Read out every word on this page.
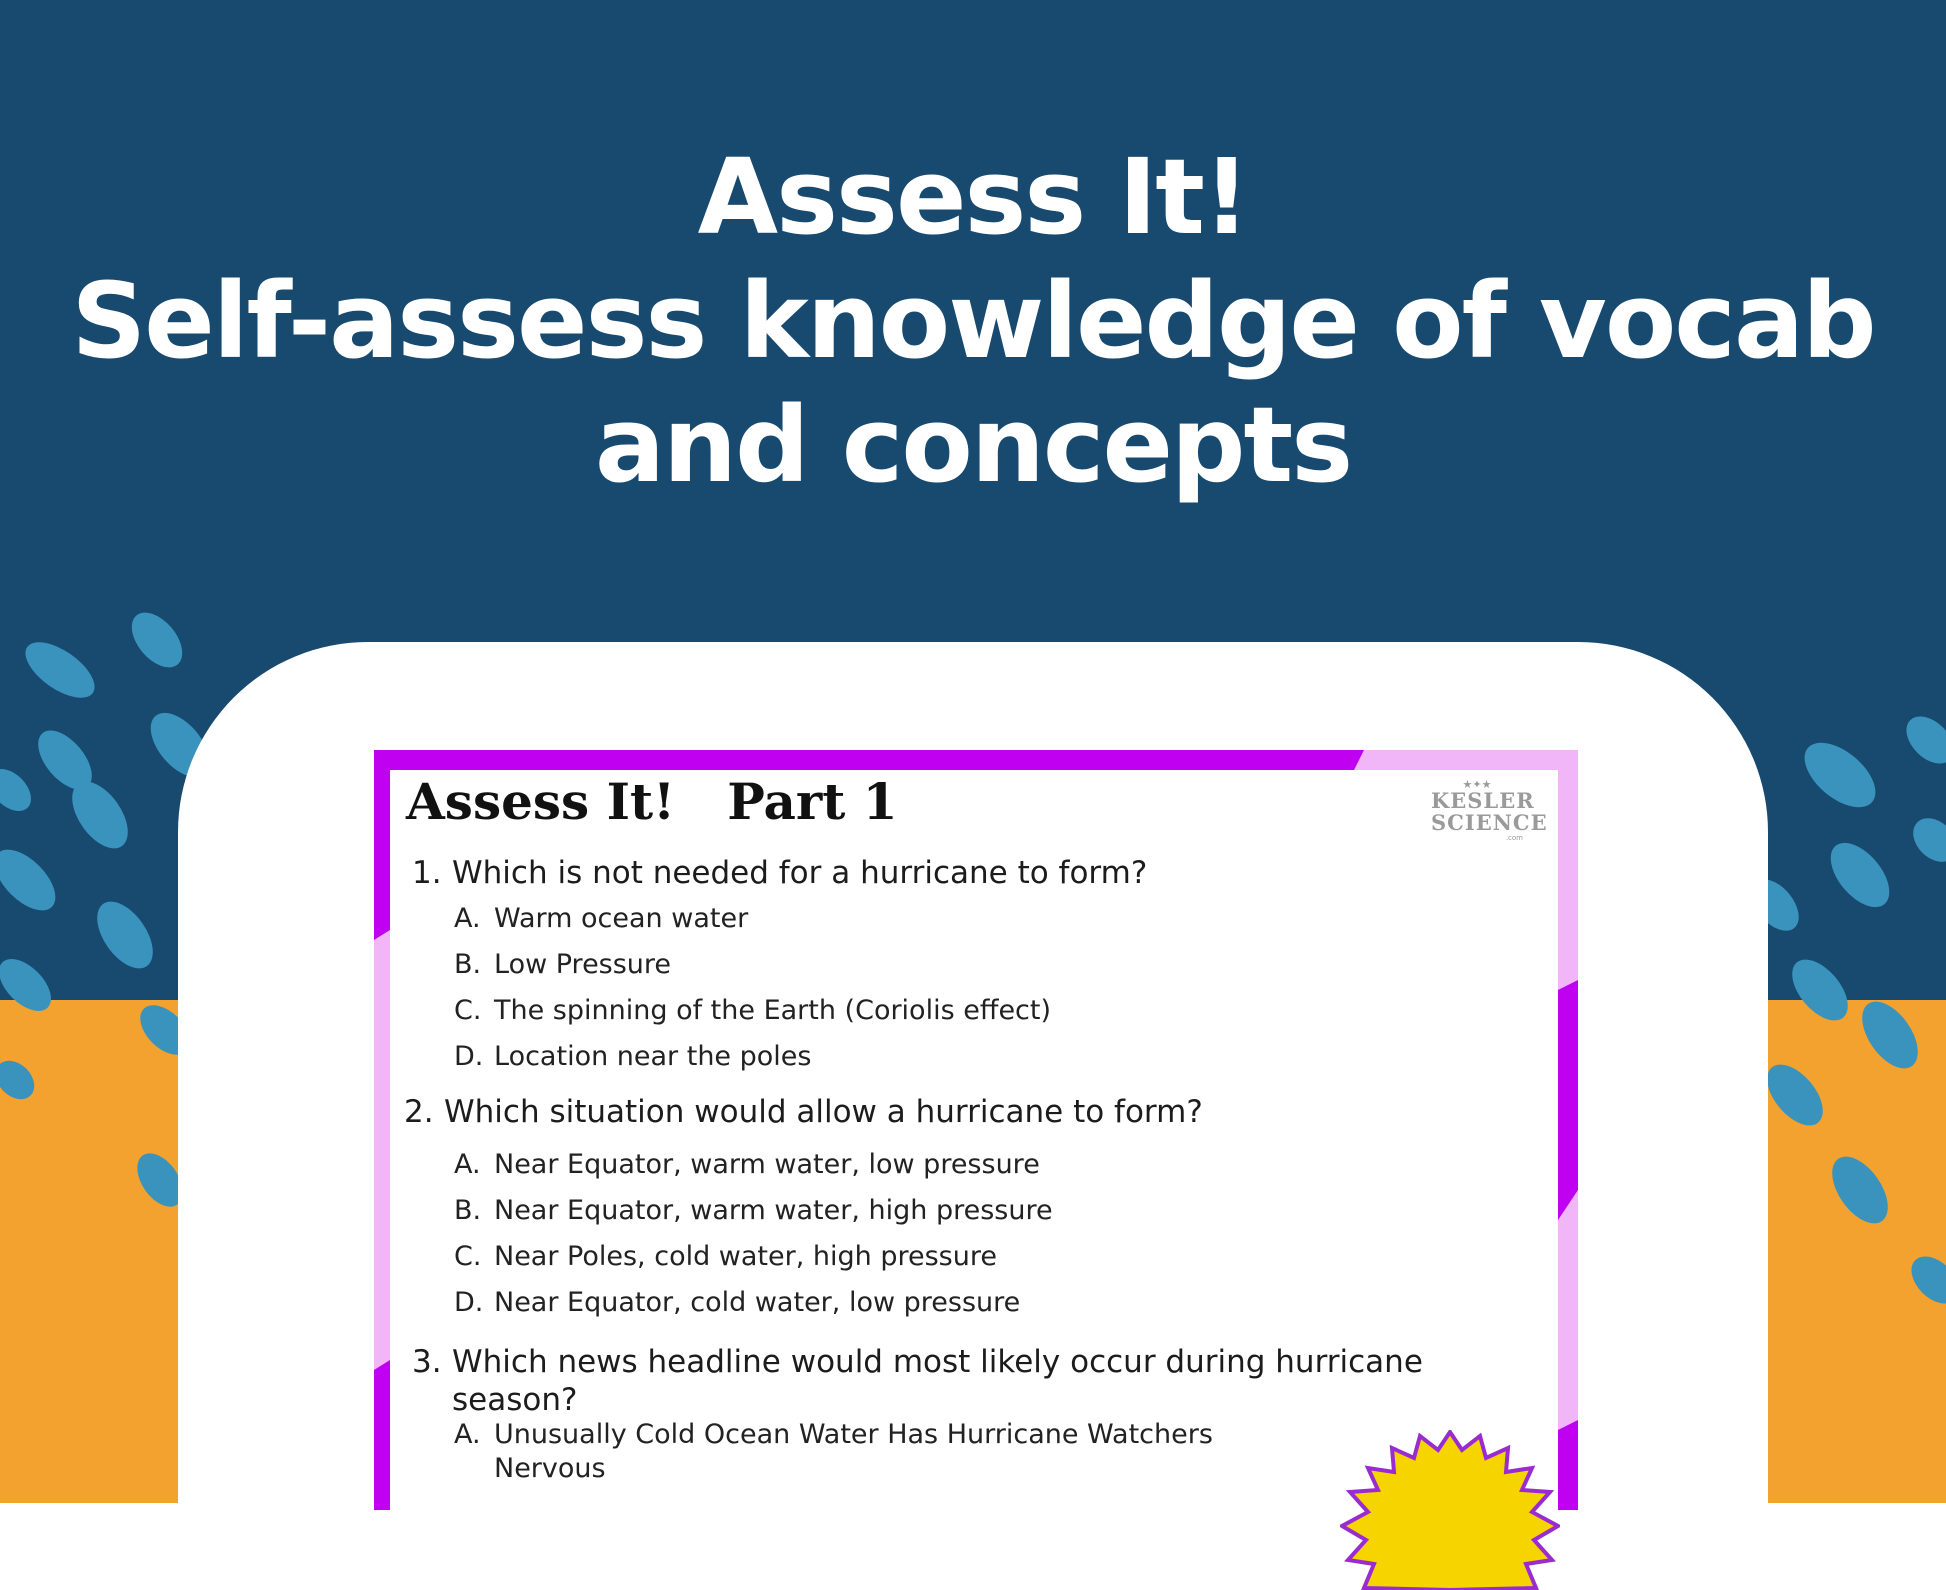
Assess It!
Self-assess knowledge of vocab
and concepts
Assess It!   Part 1	★✦★
KESLER
SCIENCE
.com

1. Which is not needed for a hurricane to form?

A. Warm ocean water

B. Low Pressure

C. The spinning of the Earth (Coriolis effect)

D. Location near the poles

2. Which situation would allow a hurricane to form?

A. Near Equator, warm water, low pressure

B. Near Equator, warm water, high pressure

C. Near Poles, cold water, high pressure

D. Near Equator, cold water, low pressure

3. Which news headline would most likely occur during hurricane
season?

A. Unusually Cold Ocean Water Has Hurricane Watchers
Nervous
